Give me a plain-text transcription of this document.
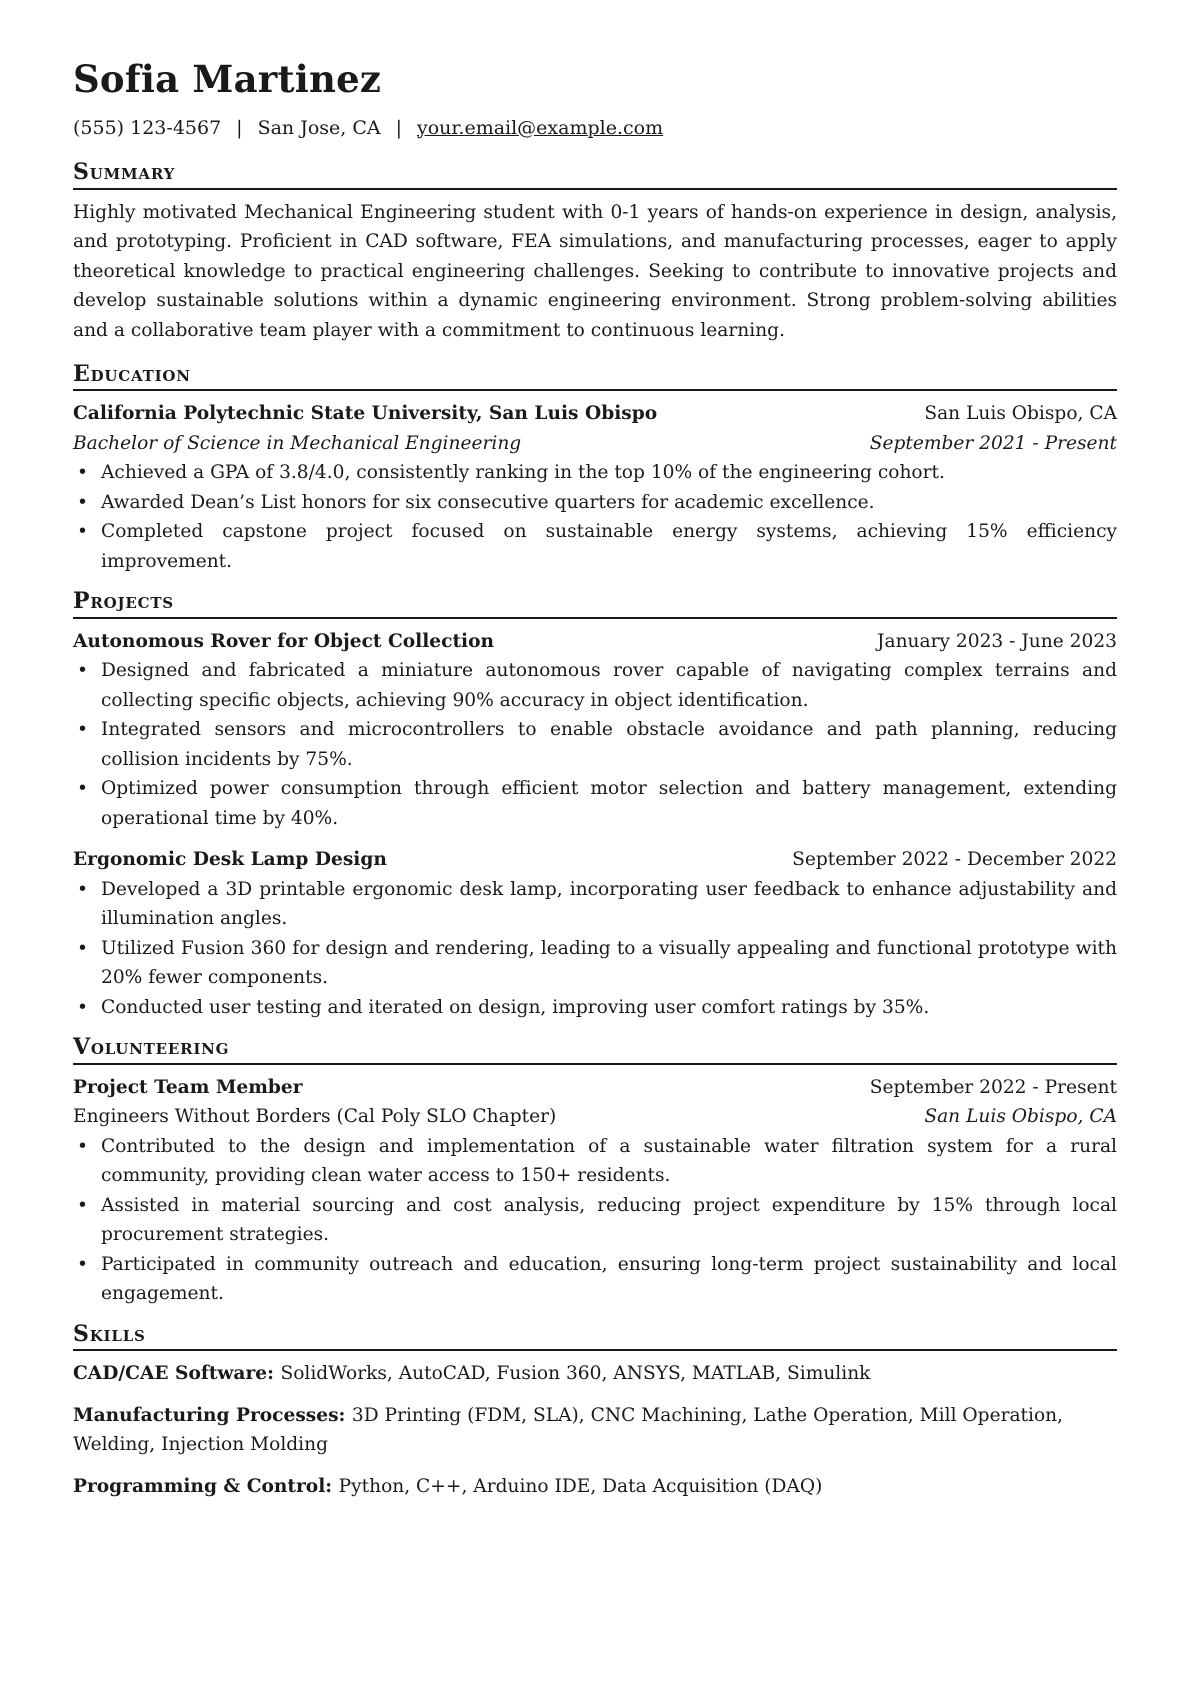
Sofia Martinez
(555) 123-4567 | San Jose, CA | your.email@example.com
Summary
Highly motivated Mechanical Engineering student with 0-1 years of hands-on experience in design, analysis, and prototyping. Proficient in CAD software, FEA simulations, and manufacturing processes, eager to apply theoretical knowledge to practical engineering challenges. Seeking to contribute to innovative projects and develop sustainable solutions within a dynamic engineering environment. Strong problem-solving abilities and a collaborative team player with a commitment to continuous learning.
Education
California Polytechnic State University, San Luis Obispo	San Luis Obispo, CA
Bachelor of Science in Mechanical Engineering	September 2021 - Present
• Achieved a GPA of 3.8/4.0, consistently ranking in the top 10% of the engineering cohort.
• Awarded Dean’s List honors for six consecutive quarters for academic excellence.
• Completed capstone project focused on sustainable energy systems, achieving 15% efficiency improvement.
Projects
Autonomous Rover for Object Collection	January 2023 - June 2023
• Designed and fabricated a miniature autonomous rover capable of navigating complex terrains and collecting specific objects, achieving 90% accuracy in object identification.
• Integrated sensors and microcontrollers to enable obstacle avoidance and path planning, reducing collision incidents by 75%.
• Optimized power consumption through efficient motor selection and battery management, extending operational time by 40%.
Ergonomic Desk Lamp Design	September 2022 - December 2022
• Developed a 3D printable ergonomic desk lamp, incorporating user feedback to enhance adjustability and illumination angles.
• Utilized Fusion 360 for design and rendering, leading to a visually appealing and functional prototype with 20% fewer components.
• Conducted user testing and iterated on design, improving user comfort ratings by 35%.
Volunteering
Project Team Member	September 2022 - Present
Engineers Without Borders (Cal Poly SLO Chapter)	San Luis Obispo, CA
• Contributed to the design and implementation of a sustainable water filtration system for a rural community, providing clean water access to 150+ residents.
• Assisted in material sourcing and cost analysis, reducing project expenditure by 15% through local procurement strategies.
• Participated in community outreach and education, ensuring long-term project sustainability and local engagement.
Skills
CAD/CAE Software: SolidWorks, AutoCAD, Fusion 360, ANSYS, MATLAB, Simulink
Manufacturing Processes: 3D Printing (FDM, SLA), CNC Machining, Lathe Operation, Mill Operation, Welding, Injection Molding
Programming & Control: Python, C++, Arduino IDE, Data Acquisition (DAQ)
